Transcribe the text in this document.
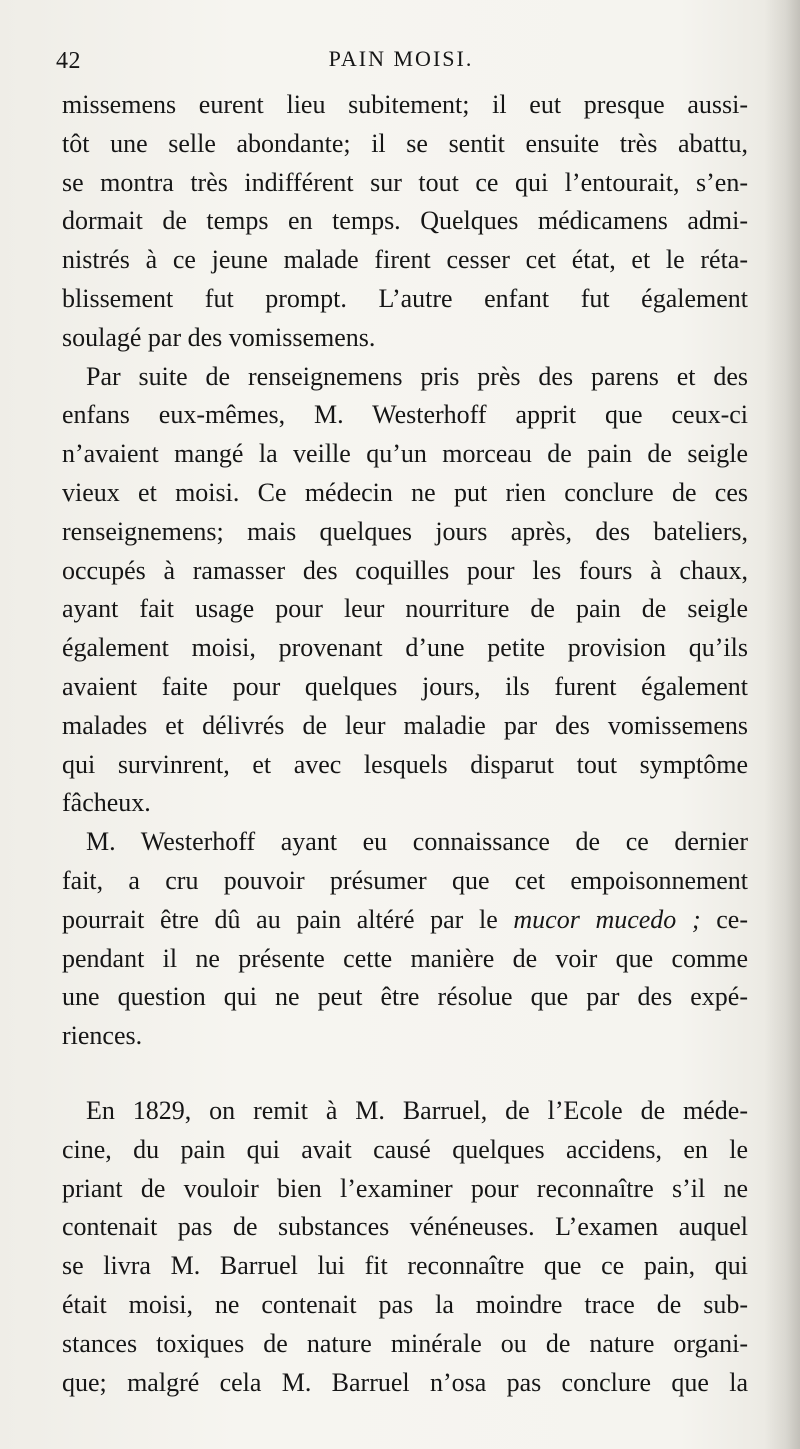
42	PAIN MOISI.
missemens eurent lieu subitement; il eut presque aussi-
tôt une selle abondante; il se sentit ensuite très abattu,
se montra très indifférent sur tout ce qui l’entourait, s’en-
dormait de temps en temps. Quelques médicamens admi-
nistrés à ce jeune malade firent cesser cet état, et le réta-
blissement fut prompt. L’autre enfant fut également
soulagé par des vomissemens.
Par suite de renseignemens pris près des parens et des
enfans eux-mêmes, M. Westerhoff apprit que ceux-ci
n’avaient mangé la veille qu’un morceau de pain de seigle
vieux et moisi. Ce médecin ne put rien conclure de ces
renseignemens; mais quelques jours après, des bateliers,
occupés à ramasser des coquilles pour les fours à chaux,
ayant fait usage pour leur nourriture de pain de seigle
également moisi, provenant d’une petite provision qu’ils
avaient faite pour quelques jours, ils furent également
malades et délivrés de leur maladie par des vomissemens
qui survinrent, et avec lesquels disparut tout symptôme
fâcheux.
M. Westerhoff ayant eu connaissance de ce dernier
fait, a cru pouvoir présumer que cet empoisonnement
pourrait être dû au pain altéré par le mucor mucedo ; ce-
pendant il ne présente cette manière de voir que comme
une question qui ne peut être résolue que par des expé-
riences.
En 1829, on remit à M. Barruel, de l’Ecole de méde-
cine, du pain qui avait causé quelques accidens, en le
priant de vouloir bien l’examiner pour reconnaître s’il ne
contenait pas de substances vénéneuses. L’examen auquel
se livra M. Barruel lui fit reconnaître que ce pain, qui
était moisi, ne contenait pas la moindre trace de sub-
stances toxiques de nature minérale ou de nature organi-
que; malgré cela M. Barruel n’osa pas conclure que la
